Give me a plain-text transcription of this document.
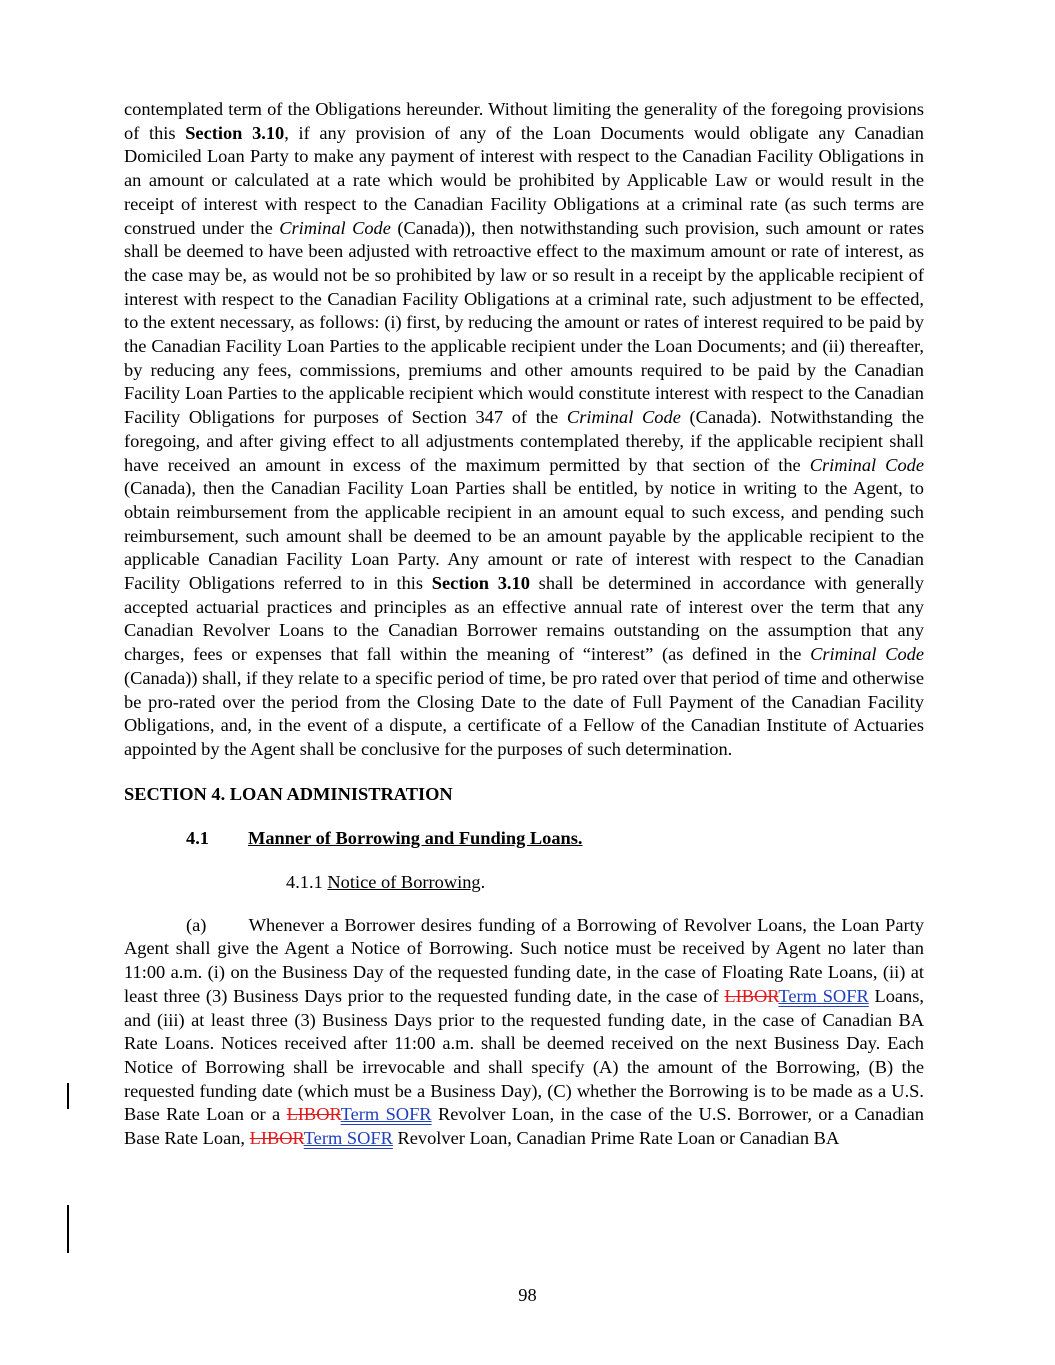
contemplated term of the Obligations hereunder. Without limiting the generality of the foregoing provisions of this Section 3.10, if any provision of any of the Loan Documents would obligate any Canadian Domiciled Loan Party to make any payment of interest with respect to the Canadian Facility Obligations in an amount or calculated at a rate which would be prohibited by Applicable Law or would result in the receipt of interest with respect to the Canadian Facility Obligations at a criminal rate (as such terms are construed under the Criminal Code (Canada)), then notwithstanding such provision, such amount or rates shall be deemed to have been adjusted with retroactive effect to the maximum amount or rate of interest, as the case may be, as would not be so prohibited by law or so result in a receipt by the applicable recipient of interest with respect to the Canadian Facility Obligations at a criminal rate, such adjustment to be effected, to the extent necessary, as follows: (i) first, by reducing the amount or rates of interest required to be paid by the Canadian Facility Loan Parties to the applicable recipient under the Loan Documents; and (ii) thereafter, by reducing any fees, commissions, premiums and other amounts required to be paid by the Canadian Facility Loan Parties to the applicable recipient which would constitute interest with respect to the Canadian Facility Obligations for purposes of Section 347 of the Criminal Code (Canada). Notwithstanding the foregoing, and after giving effect to all adjustments contemplated thereby, if the applicable recipient shall have received an amount in excess of the maximum permitted by that section of the Criminal Code (Canada), then the Canadian Facility Loan Parties shall be entitled, by notice in writing to the Agent, to obtain reimbursement from the applicable recipient in an amount equal to such excess, and pending such reimbursement, such amount shall be deemed to be an amount payable by the applicable recipient to the applicable Canadian Facility Loan Party. Any amount or rate of interest with respect to the Canadian Facility Obligations referred to in this Section 3.10 shall be determined in accordance with generally accepted actuarial practices and principles as an effective annual rate of interest over the term that any Canadian Revolver Loans to the Canadian Borrower remains outstanding on the assumption that any charges, fees or expenses that fall within the meaning of “interest” (as defined in the Criminal Code (Canada)) shall, if they relate to a specific period of time, be pro rated over that period of time and otherwise be pro-rated over the period from the Closing Date to the date of Full Payment of the Canadian Facility Obligations, and, in the event of a dispute, a certificate of a Fellow of the Canadian Institute of Actuaries appointed by the Agent shall be conclusive for the purposes of such determination.

SECTION 4. LOAN ADMINISTRATION

4.1	Manner of Borrowing and Funding Loans.

4.1.1 Notice of Borrowing.

(a)       Whenever a Borrower desires funding of a Borrowing of Revolver Loans, the Loan Party Agent shall give the Agent a Notice of Borrowing. Such notice must be received by Agent no later than 11:00 a.m. (i) on the Business Day of the requested funding date, in the case of Floating Rate Loans, (ii) at least three (3) Business Days prior to the requested funding date, in the case of LIBORTerm SOFR Loans, and (iii) at least three (3) Business Days prior to the requested funding date, in the case of Canadian BA Rate Loans. Notices received after 11:00 a.m. shall be deemed received on the next Business Day. Each Notice of Borrowing shall be irrevocable and shall specify (A) the amount of the Borrowing, (B) the requested funding date (which must be a Business Day), (C) whether the Borrowing is to be made as a U.S. Base Rate Loan or a LIBORTerm SOFR Revolver Loan, in the case of the U.S. Borrower, or a Canadian Base Rate Loan, LIBORTerm SOFR Revolver Loan, Canadian Prime Rate Loan or Canadian BA

98
